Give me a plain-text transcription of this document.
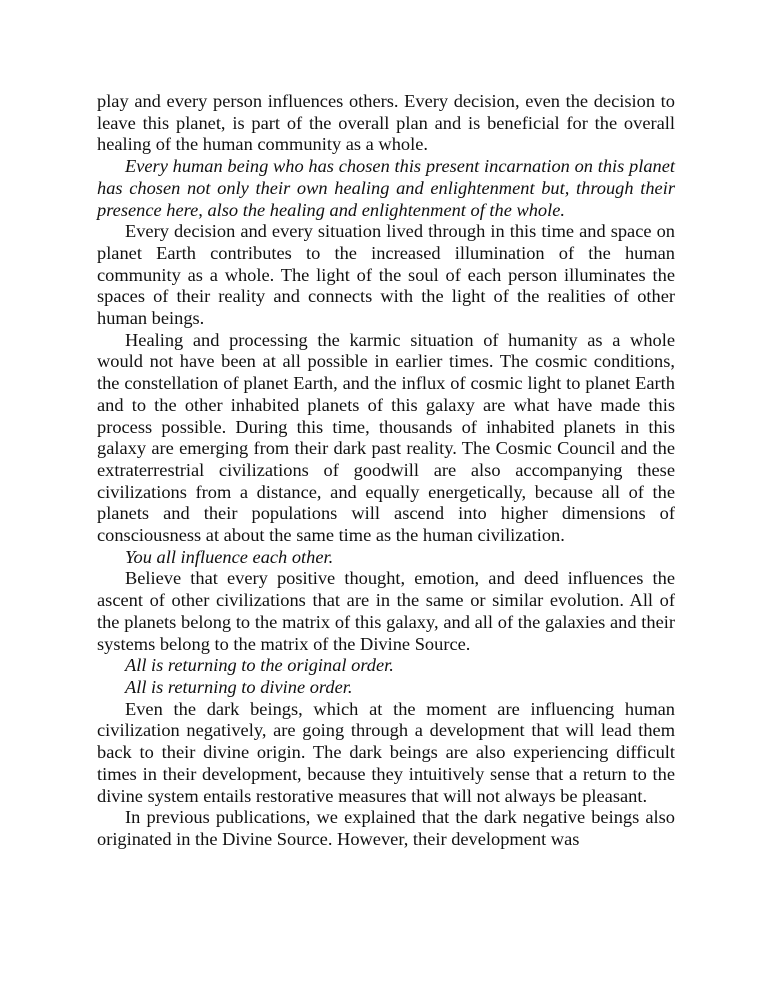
play and every person influences others. Every decision, even the decision to leave this planet, is part of the overall plan and is beneficial for the overall healing of the human community as a whole.

Every human being who has chosen this present incarnation on this planet has chosen not only their own healing and enlightenment but, through their presence here, also the healing and enlightenment of the whole.

Every decision and every situation lived through in this time and space on planet Earth contributes to the increased illumination of the human community as a whole. The light of the soul of each person illuminates the spaces of their reality and connects with the light of the realities of other human beings.

Healing and processing the karmic situation of humanity as a whole would not have been at all possible in earlier times. The cosmic conditions, the constellation of planet Earth, and the influx of cosmic light to planet Earth and to the other inhabited planets of this galaxy are what have made this process possible. During this time, thousands of inhabited planets in this galaxy are emerging from their dark past reality. The Cosmic Council and the extraterrestrial civilizations of goodwill are also accompanying these civilizations from a distance, and equally energetically, because all of the planets and their populations will ascend into higher dimensions of consciousness at about the same time as the human civilization.

You all influence each other.

Believe that every positive thought, emotion, and deed influences the ascent of other civilizations that are in the same or similar evolution. All of the planets belong to the matrix of this galaxy, and all of the galaxies and their systems belong to the matrix of the Divine Source.

All is returning to the original order.

All is returning to divine order.

Even the dark beings, which at the moment are influencing human civilization negatively, are going through a development that will lead them back to their divine origin. The dark beings are also experiencing difficult times in their development, because they intuitively sense that a return to the divine system entails restorative measures that will not always be pleasant.

In previous publications, we explained that the dark negative beings also originated in the Divine Source. However, their development was
